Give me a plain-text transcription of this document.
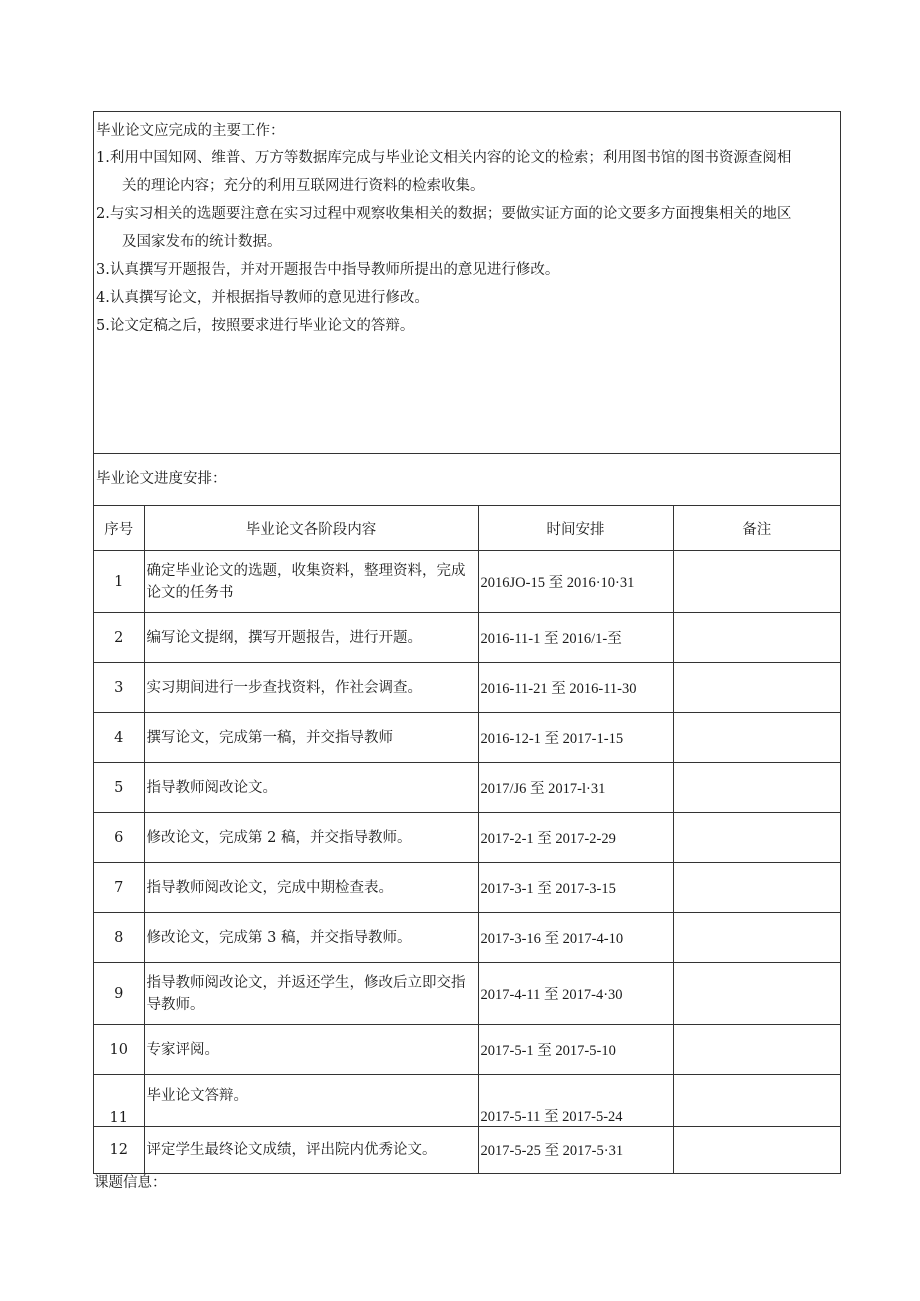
毕业论文应完成的主要工作：

1.利用中国知网、维普、万方等数据库完成与毕业论文相关内容的论文的检索；利用图书馆的图书资源查阅相
关的理论内容；充分的利用互联网进行资料的检索收集。

2.与实习相关的选题要注意在实习过程中观察收集相关的数据；要做实证方面的论文要多方面搜集相关的地区
及国家发布的统计数据。

3.认真撰写开题报告，并对开题报告中指导教师所提出的意见进行修改。

4.认真撰写论文，并根据指导教师的意见进行修改。

5.论文定稿之后，按照要求进行毕业论文的答辩。

毕业论文进度安排：

序号	毕业论文各阶段内容	时间安排	备注
1	确定毕业论文的选题，收集资料，整理资料，完成论文的任务书	2016JO-15 至 2016·10·31	
2	编写论文提纲，撰写开题报告，进行开题。	2016-11-1 至 2016/1-至	
3	实习期间进行一步查找资料，作社会调查。	2016-11-21 至 2016-11-30	
4	撰写论文，完成第一稿，并交指导教师	2016-12-1 至 2017-1-15	
5	指导教师阅改论文。	2017/J6 至 2017-l·31	
6	修改论文，完成第 2 稿，并交指导教师。	2017-2-1 至 2017-2-29	
7	指导教师阅改论文，完成中期检查表。	2017-3-1 至 2017-3-15	
8	修改论文，完成第 3 稿，并交指导教师。	2017-3-16 至 2017-4-10	
9	指导教师阅改论文，并返还学生，修改后立即交指导教师。	2017-4-11 至 2017-4·30	
10	专家评阅。	2017-5-1 至 2017-5-10	
11	毕业论文答辩。	2017-5-11 至 2017-5-24	
12	评定学生最终论文成绩，评出院内优秀论文。	2017-5-25 至 2017-5·31	
课题信息：
